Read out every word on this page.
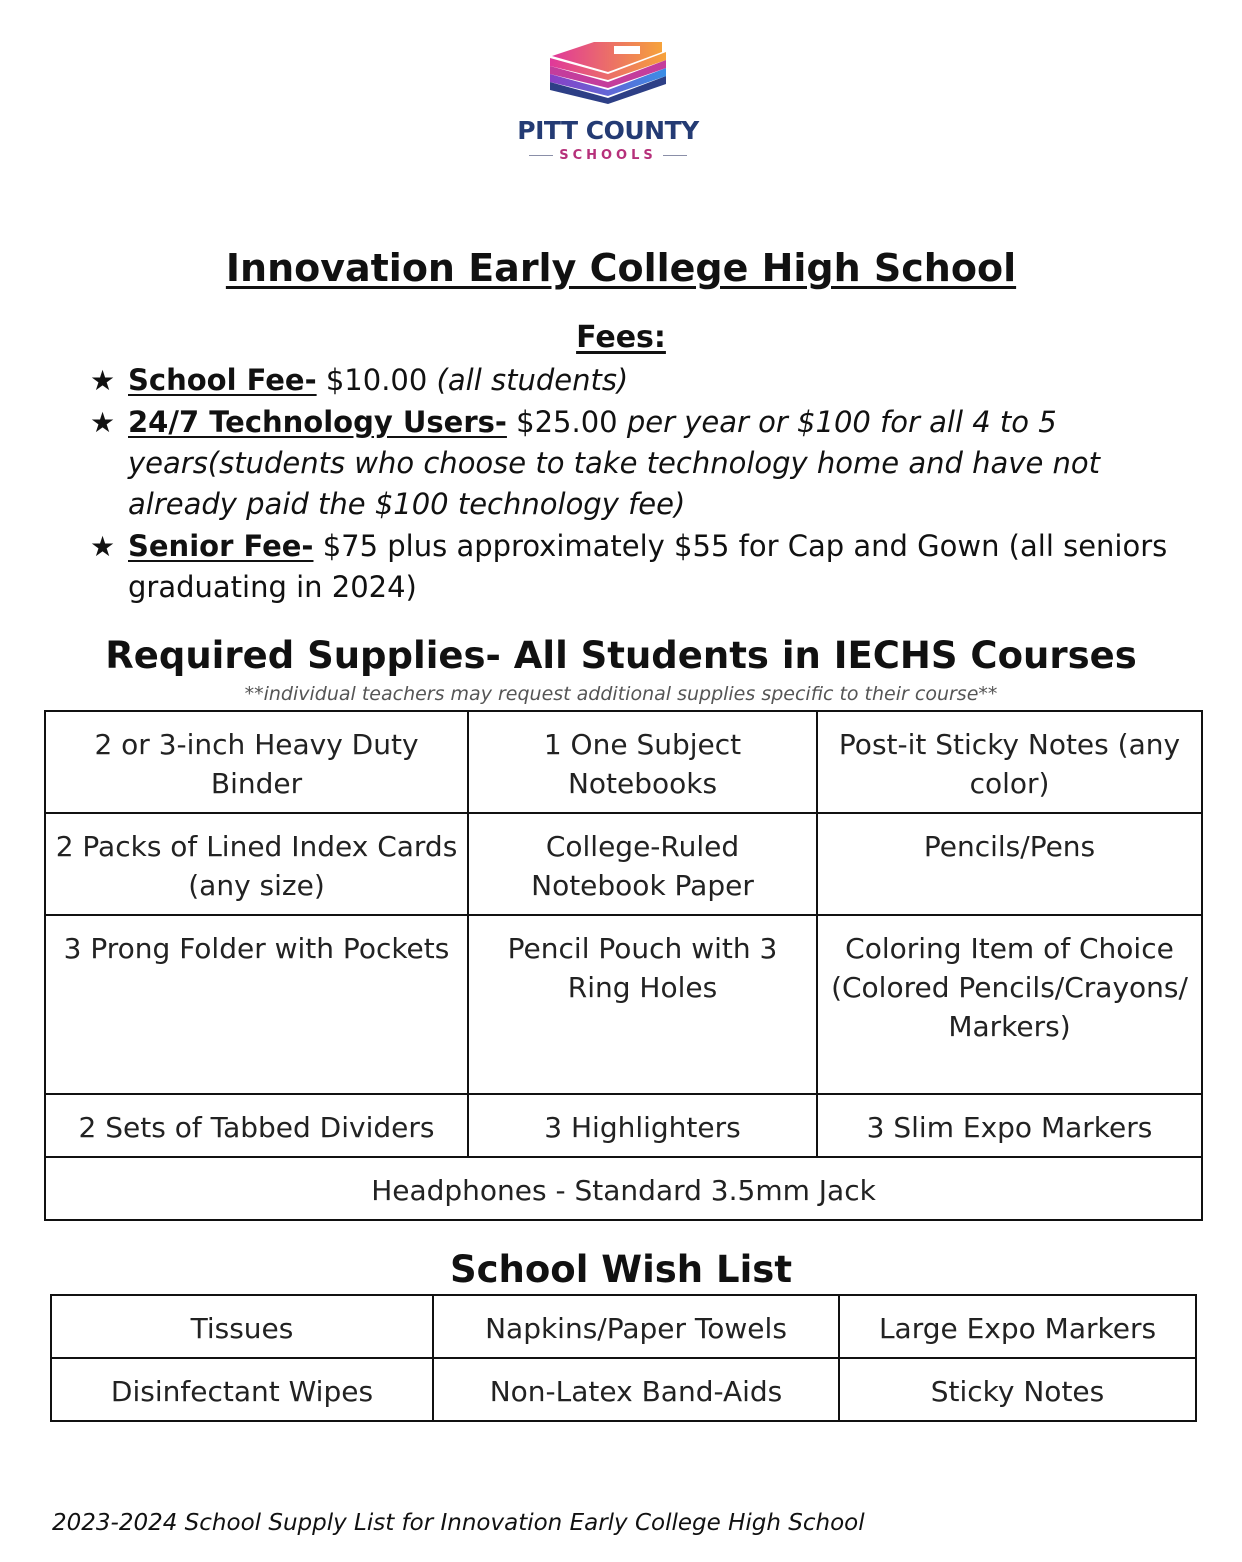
PITT COUNTY
SCHOOLS
Innovation Early College High School
Fees:
★ School Fee- $10.00 (all students)
★ 24/7 Technology Users- $25.00 per year or $100 for all 4 to 5 years(students who choose to take technology home and have not already paid the $100 technology fee)
★ Senior Fee- $75 plus approximately $55 for Cap and Gown (all seniors graduating in 2024)
Required Supplies- All Students in IECHS Courses
**individual teachers may request additional supplies specific to their course**
2 or 3-inch Heavy Duty Binder	1 One Subject Notebooks	Post-it Sticky Notes (any color)
2 Packs of Lined Index Cards (any size)	College-Ruled Notebook Paper	Pencils/Pens
3 Prong Folder with Pockets	Pencil Pouch with 3 Ring Holes	Coloring Item of Choice (Colored Pencils/Crayons/ Markers)
2 Sets of Tabbed Dividers	3 Highlighters	3 Slim Expo Markers
Headphones - Standard 3.5mm Jack		
School Wish List
Tissues	Napkins/Paper Towels	Large Expo Markers
Disinfectant Wipes	Non-Latex Band-Aids	Sticky Notes
2023-2024 School Supply List for Innovation Early College High School
